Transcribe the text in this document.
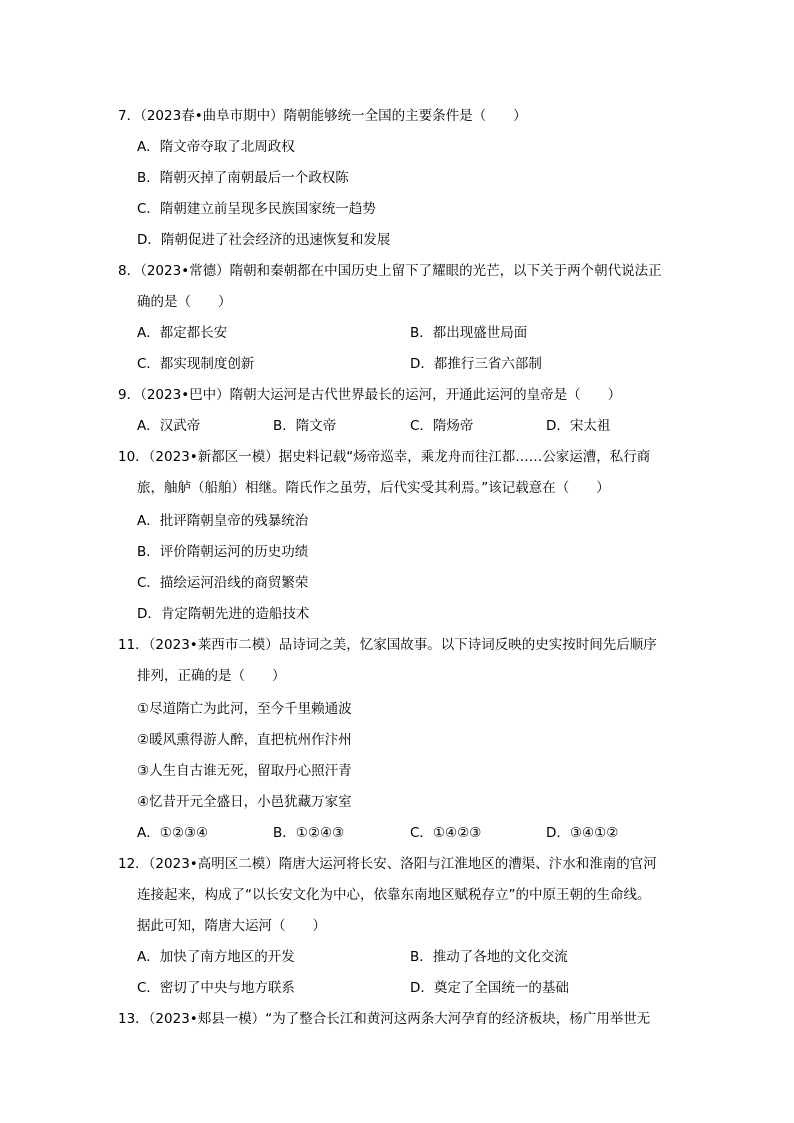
7．（2023春•曲阜市期中）隋朝能够统一全国的主要条件是（　　）
A．隋文帝夺取了北周政权
B．隋朝灭掉了南朝最后一个政权陈
C．隋朝建立前呈现多民族国家统一趋势
D．隋朝促进了社会经济的迅速恢复和发展
8．（2023•常德）隋朝和秦朝都在中国历史上留下了耀眼的光芒，以下关于两个朝代说法正
确的是（　　）
A．都定都长安	B．都出现盛世局面
C．都实现制度创新	D．都推行三省六部制
9．（2023•巴中）隋朝大运河是古代世界最长的运河，开通此运河的皇帝是（　　）
A．汉武帝	B．隋文帝	C．隋炀帝	D．宋太祖
10．（2023•新都区一模）据史料记载“炀帝巡幸，乘龙舟而往江都……公家运漕，私行商
旅，舳舻（船舶）相继。隋氏作之虽劳，后代实受其利焉。”该记载意在（　　）
A．批评隋朝皇帝的残暴统治
B．评价隋朝运河的历史功绩
C．描绘运河沿线的商贸繁荣
D．肯定隋朝先进的造船技术
11．（2023•莱西市二模）品诗词之美，忆家国故事。以下诗词反映的史实按时间先后顺序
排列，正确的是（　　）
①尽道隋亡为此河，至今千里赖通波
②暖风熏得游人醉，直把杭州作汴州
③人生自古谁无死，留取丹心照汗青
④忆昔开元全盛日，小邑犹藏万家室
A．①②③④	B．①②④③	C．①④②③	D．③④①②
12．（2023•高明区二模）隋唐大运河将长安、洛阳与江淮地区的漕渠、汴水和淮南的官河
连接起来，构成了“以长安文化为中心，依靠东南地区赋税存立”的中原王朝的生命线。
据此可知，隋唐大运河（　　）
A．加快了南方地区的开发	B．推动了各地的文化交流
C．密切了中央与地方联系	D．奠定了全国统一的基础
13．（2023•郏县一模）“为了整合长江和黄河这两条大河孕育的经济板块，杨广用举世无
